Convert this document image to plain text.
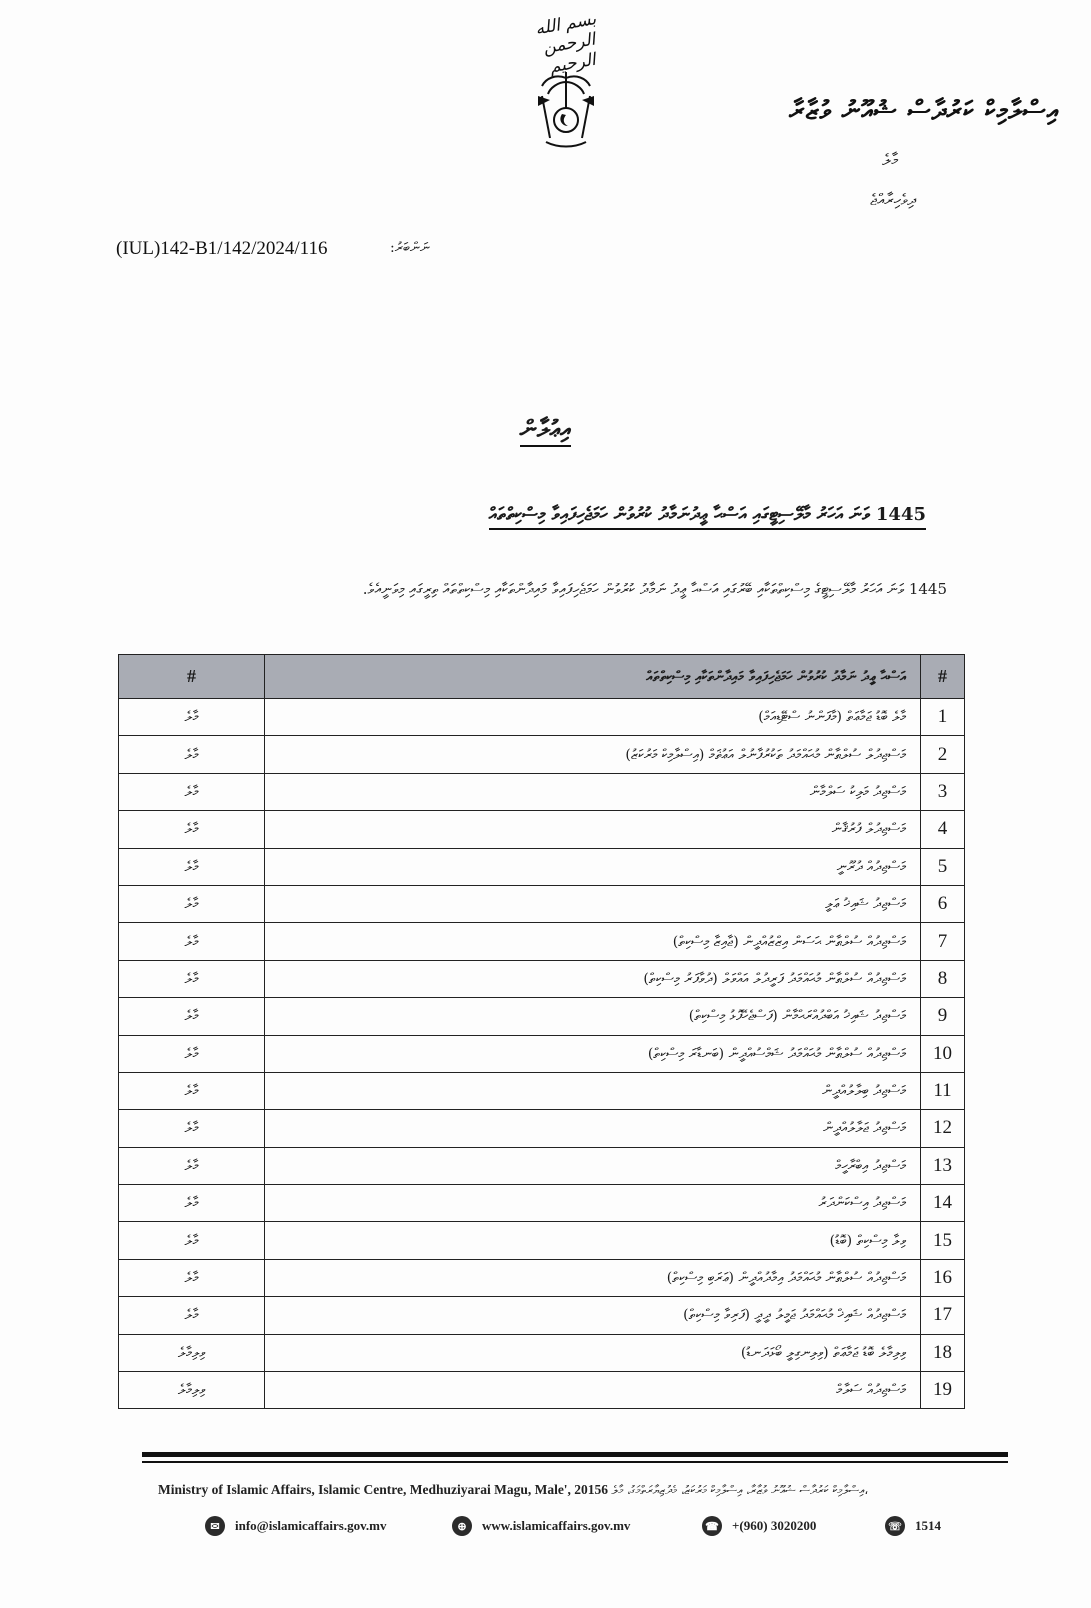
بسم الله الرحمن الرحيم
އިސްލާމިކް ކަރުދާސް ޝުއޫނު ވުޒާރާ
މާލެ
ދިވެހިރާއްޖެ
(IUL)142-B1/142/2024/116	ނަންބަރު:
އިޢުލާން
1445 ވަނަ އަހަރު މާލޭސިޓީގައި އަސްޙާ ޢީދުނަމާދު ކުރުވުން ހަމަޖެހިފައިވާ މިސްކިތްތައް
1445 ވަނަ އަހަރު މާލޭސިޓީގެ މިސްކިތްތަކާއި ބޭރުގައި އަސްޙާ ޢީދު ނަމާދު ކުރުވުން ހަމަޖެހިފައިވާ މައިދާންތަކާއި މިސްކިތްތައް ތިރީގައި މިވަނީއެވެ.
#	އަސްޙާ ޢީދު ނަމާދު ކުރުވުން ހަމަޖެހިފައިވާ މައިދާންތަކާއި މިސްކިތްތައް	#
މާލެ	މާލެ ބޮޑު ޖަމާޢަތް (މާފަންނު ސްޓޭޑިއަމް)	1
މާލެ	މަސްޖިދުލް ސުލްޠާން މުޙައްމަދު ތަކުރުފާނުލް އަޢުޡަމް (އިސްލާމިކް މަރުކަޒު)	2
މާލެ	މަސްޖިދު މަލިކު ސަލްމާން	3
މާލެ	މަސްޖިދުލް ފުރުޤާން	4
މާލެ	މަސްޖިދުއް ދުރޫނީ	5
މާލެ	މަސްޖިދު ޝައިޚު ޢަލީ	6
މާލެ	މަސްޖިދުއް ސުލްޠާން ޙަސަން އިޒްޒުއްދީން (ޖާއިޒާ މިސްކިތް)	7
މާލެ	މަސްޖިދުއް ސުލްޠާން މުޙައްމަދު ފަރީދުލް އައްވަލް (ދުވާފަރު މިސްކިތް)	8
މާލެ	މަސްޖިދު ޝައިޚު އަބްދުއްރަޙްމާން (ފަސްޖެހޭފޮޅު މިސްކިތް)	9
މާލެ	މަސްޖިދުއް ސުލްޠާން މުޙައްމަދު ޝަމްސުއްދީން (ބަނޑާރަ މިސްކިތް)	10
މާލެ	މަސްޖިދު ބިލާލުއްދީން	11
މާލެ	މަސްޖިދު ޖަލާލުއްދީން	12
މާލެ	މަސްޖިދު އިބްރާހީމް	13
މާލެ	މަސްޖިދު އިސްކަންދަރު	14
މާލެ	ވިލާ މިސްކިތް (ބޮޑު)	15
މާލެ	މަސްޖިދުއް ސުލްޠާން މުޙައްމަދު އިމާދުއްދީން (ޢަރަބި މިސްކިތް)	16
މާލެ	މަސްޖިދުއް ޝައިޚް މުޙައްމަދު ޖަމީލު ދީދީ (ފަރިވާ މިސްކިތް)	17
ވިލިމާލެ	ވިލިމާލެ ބޮޑު ޖަމާޢަތް (ވިލިނގިލީ ބޯޅަދަނޑު)	18
ވިލިމާލެ	މަސްޖިދުއް ސަލާމް	19
Ministry of Islamic Affairs, Islamic Centre, Medhuziyarai Magu, Male', 20156 އިސްލާމިކް ކަރުދާސް ޝުއޫނު ވުޒާރާ، އިސްލާމިކް މަރުކަޒު، މެދުޒިޔާރަތްމަގު، މާލެ،
✉	info@islamicaffairs.gov.mv	⊕	www.islamicaffairs.gov.mv	☎ +(960) 3020200	☏ 1514
